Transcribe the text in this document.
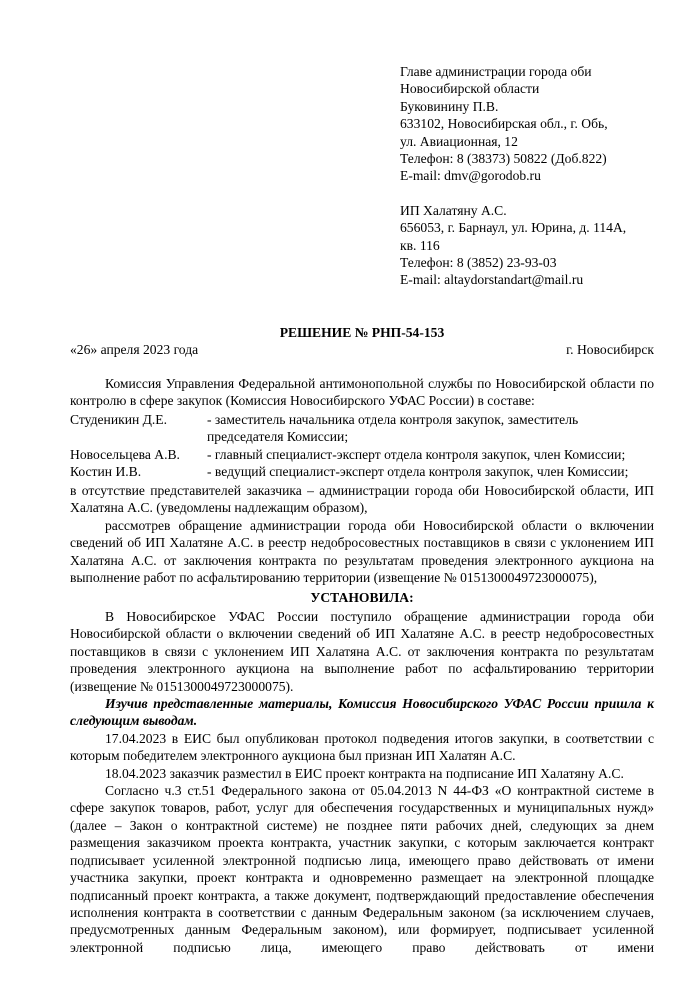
Главе администрации города оби
Новосибирской области
Буковинину П.В.
633102, Новосибирская обл., г. Обь,
ул. Авиационная, 12
Телефон: 8 (38373) 50822 (Доб.822)
E-mail: dmv@gorodob.ru
ИП Халатяну А.С.
656053, г. Барнаул, ул. Юрина, д. 114А,
кв. 116
Телефон: 8 (3852) 23-93-03
E-mail: altaydorstandart@mail.ru
РЕШЕНИЕ № РНП-54-153
«26» апреля 2023 года	г. Новосибирск
Комиссия Управления Федеральной антимонопольной службы по Новосибирской области по контролю в сфере закупок (Комиссия Новосибирского УФАС России) в составе:
Студеникин Д.Е.	- заместитель начальника отдела контроля закупок, заместитель председателя Комиссии;
Новосельцева А.В.	- главный специалист-эксперт отдела контроля закупок, член Комиссии;
Костин И.В.	- ведущий специалист-эксперт отдела контроля закупок, член Комиссии;
в отсутствие представителей заказчика – администрации города оби Новосибирской области, ИП Халатяна А.С. (уведомлены надлежащим образом),
рассмотрев обращение администрации города оби Новосибирской области о включении сведений об ИП Халатяне А.С. в реестр недобросовестных поставщиков в связи с уклонением ИП Халатяна А.С. от заключения контракта по результатам проведения электронного аукциона на выполнение работ по асфальтированию территории (извещение № 0151300049723000075),
УСТАНОВИЛА:
В Новосибирское УФАС России поступило обращение администрации города оби Новосибирской области о включении сведений об ИП Халатяне А.С. в реестр недобросовестных поставщиков в связи с уклонением ИП Халатяна А.С. от заключения контракта по результатам проведения электронного аукциона на выполнение работ по асфальтированию территории (извещение № 0151300049723000075).
Изучив представленные материалы, Комиссия Новосибирского УФАС России пришла к следующим выводам.
17.04.2023 в ЕИС был опубликован протокол подведения итогов закупки, в соответствии с которым победителем электронного аукциона был признан ИП Халатян А.С.
18.04.2023 заказчик разместил в ЕИС проект контракта на подписание ИП Халатяну А.С.
Согласно ч.3 ст.51 Федерального закона от 05.04.2013 N 44-ФЗ «О контрактной системе в сфере закупок товаров, работ, услуг для обеспечения государственных и муниципальных нужд» (далее – Закон о контрактной системе) не позднее пяти рабочих дней, следующих за днем размещения заказчиком проекта контракта, участник закупки, с которым заключается контракт подписывает усиленной электронной подписью лица, имеющего право действовать от имени участника закупки, проект контракта и одновременно размещает на электронной площадке подписанный проект контракта, а также документ, подтверждающий предоставление обеспечения исполнения контракта в соответствии с данным Федеральным законом (за исключением случаев, предусмотренных данным Федеральным законом), или формирует, подписывает усиленной электронной подписью лица, имеющего право действовать от имени
